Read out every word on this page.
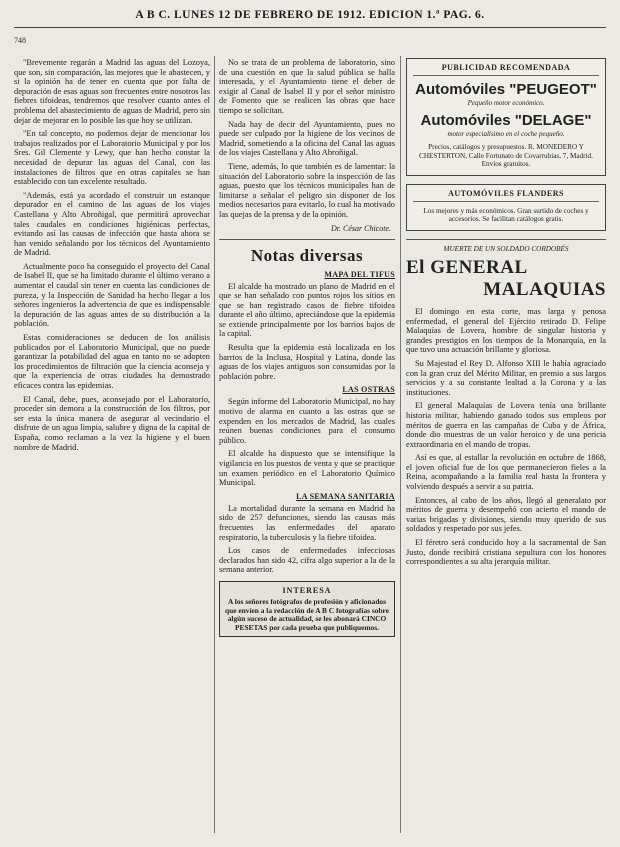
A B C. LUNES 12 DE FEBRERO DE 1912. EDICION 1.ª PAG. 6.
748

"Brevemente regarán a Madrid las aguas del Lozoya, que son, sin comparación, las mejores que le abastecen, y si la opinión ha de tener en cuenta que por falta de depuración de esas aguas son frecuentes entre nosotros las fiebres tifoideas, tendremos que resolver cuanto antes el problema del abastecimiento de aguas de Madrid, pero sin dejar de mejorar en lo posible las que hoy se utilizan.

"En tal concepto, no podemos dejar de mencionar los trabajos realizados por el Laboratorio Municipal y por los Sres. Gil Clemente y Lewy, que han hecho constar la necesidad de depurar las aguas del Canal, con las instalaciones de filtros que en otras capitales se han establecido con tan excelente resultado.

"Además, está ya acordado el construir un estanque depurador en el camino de las aguas de los viajes Castellana y Alto Abroñigal, que permitirá aprovechar tales caudales en condiciones higiénicas perfectas, evitando así las causas de infección que hasta ahora se han venido señalando por los técnicos del Ayuntamiento de Madrid.

Actualmente poco ha conseguido el proyecto del Canal de Isabel II, que se ha limitado durante el último verano a aumentar el caudal sin tener en cuenta las condiciones de pureza, y la Inspección de Sanidad ha hecho llegar a los señores ingenieros la advertencia de que es indispensable la depuración de las aguas antes de su distribución a la población.

Estas consideraciones se deducen de los análisis publicados por el Laboratorio Municipal, que no puede garantizar la potabilidad del agua en tanto no se adopten los procedimientos de filtración que la ciencia aconseja y que la experiencia de otras ciudades ha demostrado eficaces contra las epidemias.

El Canal, debe, pues, aconsejado por el Laboratorio, proceder sin demora a la construcción de los filtros, por ser esta la única manera de asegurar al vecindario el disfrute de un agua limpia, salubre y digna de la capital de España, como reclaman a la vez la higiene y el buen nombre de Madrid.

No se trata de un problema de laboratorio, sino de una cuestión en que la salud pública se halla interesada, y el Ayuntamiento tiene el deber de exigir al Canal de Isabel II y por el señor ministro de Fomento que se realicen las obras que hace tiempo se solicitan.

Nada hay de decir del Ayuntamiento, pues no puede ser culpado por la higiene de los vecinos de Madrid, sometiendo a la oficina del Canal las aguas de los viajes Castellana y Alto Abroñigal.

Tiene, además, lo que también es de lamentar: la situación del Laboratorio sobre la inspección de las aguas, puesto que los técnicos municipales han de limitarse a señalar el peligro sin disponer de los medios necesarios para evitarlo, lo cual ha motivado las quejas de la prensa y de la opinión.

Dr. César Chicote.
Notas diversas
MAPA DEL TIFUS

El alcalde ha mostrado un plano de Madrid en el que se han señalado con puntos rojos los sitios en que se han registrado casos de fiebre tifoidea durante el año último, apreciándose que la epidemia se extiende principalmente por los barrios bajos de la capital.

Resulta que la epidemia está localizada en los barrios de la Inclusa, Hospital y Latina, donde las aguas de los viajes antiguos son consumidas por la población pobre.

LAS OSTRAS

Según informe del Laboratorio Municipal, no hay motivo de alarma en cuanto a las ostras que se expenden en los mercados de Madrid, las cuales reúnen buenas condiciones para el consumo público.

El alcalde ha dispuesto que se intensifique la vigilancia en los puestos de venta y que se practique un examen periódico en el Laboratorio Químico Municipal.

LA SEMANA SANITARIA

La mortalidad durante la semana en Madrid ha sido de 257 defunciones, siendo las causas más frecuentes las enfermedades del aparato respiratorio, la tuberculosis y la fiebre tifoidea.

Los casos de enfermedades infecciosas declarados han sido 42, cifra algo superior a la de la semana anterior.

INTERESA

A los señores fotógrafos de profesión y aficionados que envíen a la redacción de A B C fotografías sobre algún suceso de actualidad, se les abonará CINCO PESETAS por cada prueba que publiquemos.

PUBLICIDAD RECOMENDADA
Automóviles "PEUGEOT"
Pequeño motor económico.
Automóviles "DELAGE"
motor especialísimo en el coche pequeño.
Precios, catálogos y presupuestos. R. MONEDERO Y CHESTERTON, Calle Fortunato de Covarrubias, 7, Madrid. Envíos gratuitos.
AUTOMÓVILES FLANDERS
Los mejores y más económicos. Gran surtido de coches y accesorios. Se facilitan catálogos gratis.
MUERTE DE UN SOLDADO CORDOBÉS
El GENERAL
MALAQUIAS

El domingo en esta corte, mas larga y penosa enfermedad, el general del Ejército retirado D. Felipe Malaquías de Lovera, hombre de singular historia y grandes prestigios en los tiempos de la Monarquía, en la que tuvo una actuación brillante y gloriosa.

Su Majestad el Rey D. Alfonso XIII le había agraciado con la gran cruz del Mérito Militar, en premio a sus largos servicios y a su constante lealtad a la Corona y a las instituciones.

El general Malaquías de Lovera tenía una brillante historia militar, habiendo ganado todos sus empleos por méritos de guerra en las campañas de Cuba y de África, donde dio muestras de un valor heroico y de una pericia extraordinaria en el mando de tropas.

Así es que, al estallar la revolución en octubre de 1868, el joven oficial fue de los que permanecieron fieles a la Reina, acompañando a la familia real hasta la frontera y volviendo después a servir a su patria.

Entonces, al cabo de los años, llegó al generalato por méritos de guerra y desempeñó con acierto el mando de varias brigadas y divisiones, siendo muy querido de sus soldados y respetado por sus jefes.

El féretro será conducido hoy a la sacramental de San Justo, donde recibirá cristiana sepultura con los honores correspondientes a su alta jerarquía militar.
